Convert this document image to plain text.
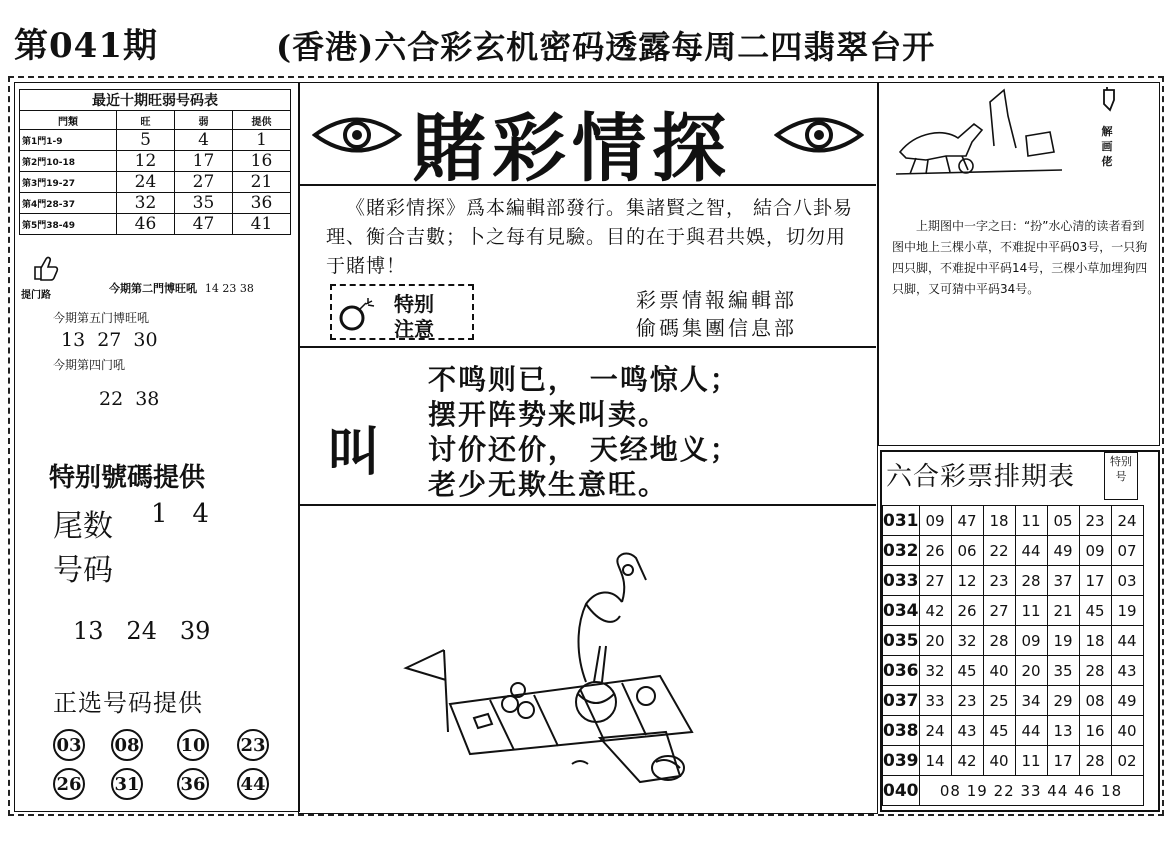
第041期	(香港)六合彩玄机密码透露每周二四翡翠台开
最近十期旺弱号码表			
門類	旺	弱	提供
第1門1-9	5	4	1
第2門10-18	12	17	16
第3門19-27	24	27	21
第4門28-37	32	35	36
第5門38-49	46	47	41
提门路
今期第二門博旺吼 14 23 38
今期第五门博旺吼
13 27 30
今期第四门吼
22 38
特别號碼提供
尾数 1   4
号码
13   24   39
正选号码提供
03 08 10 23
26 31 36 44
賭彩情探
《賭彩情探》爲本編輯部發行。集諸賢之智， 結合八卦易理、衡合吉數；卜之每有見驗。目的在于與君共娛，切勿用于賭博！
特别
注意
彩票情報編輯部
偷碼集團信息部
叫
不鸣则已， 一鸣惊人；
摆开阵势来叫卖。
讨价还价， 天经地义；
老少无欺生意旺。
解画佬
上期图中一字之曰：“扮”水心清的读者看到图中地上三棵小草，不难捉中平码03号，一只狗四只脚，不难捉中平码14号，三棵小草加埋狗四只脚，又可猜中平码34号。
六合彩票排期表
特别号
031	09	47	18	11	05	23	24
032	26	06	22	44	49	09	07
033	27	12	23	28	37	17	03
034	42	26	27	11	21	45	19
035	20	32	28	09	19	18	44
036	32	45	40	20	35	28	43
037	33	23	25	34	29	08	49
038	24	43	45	44	13	16	40
039	14	42	40	11	17	28	02
040	08 19 22 33 44 46 18						
